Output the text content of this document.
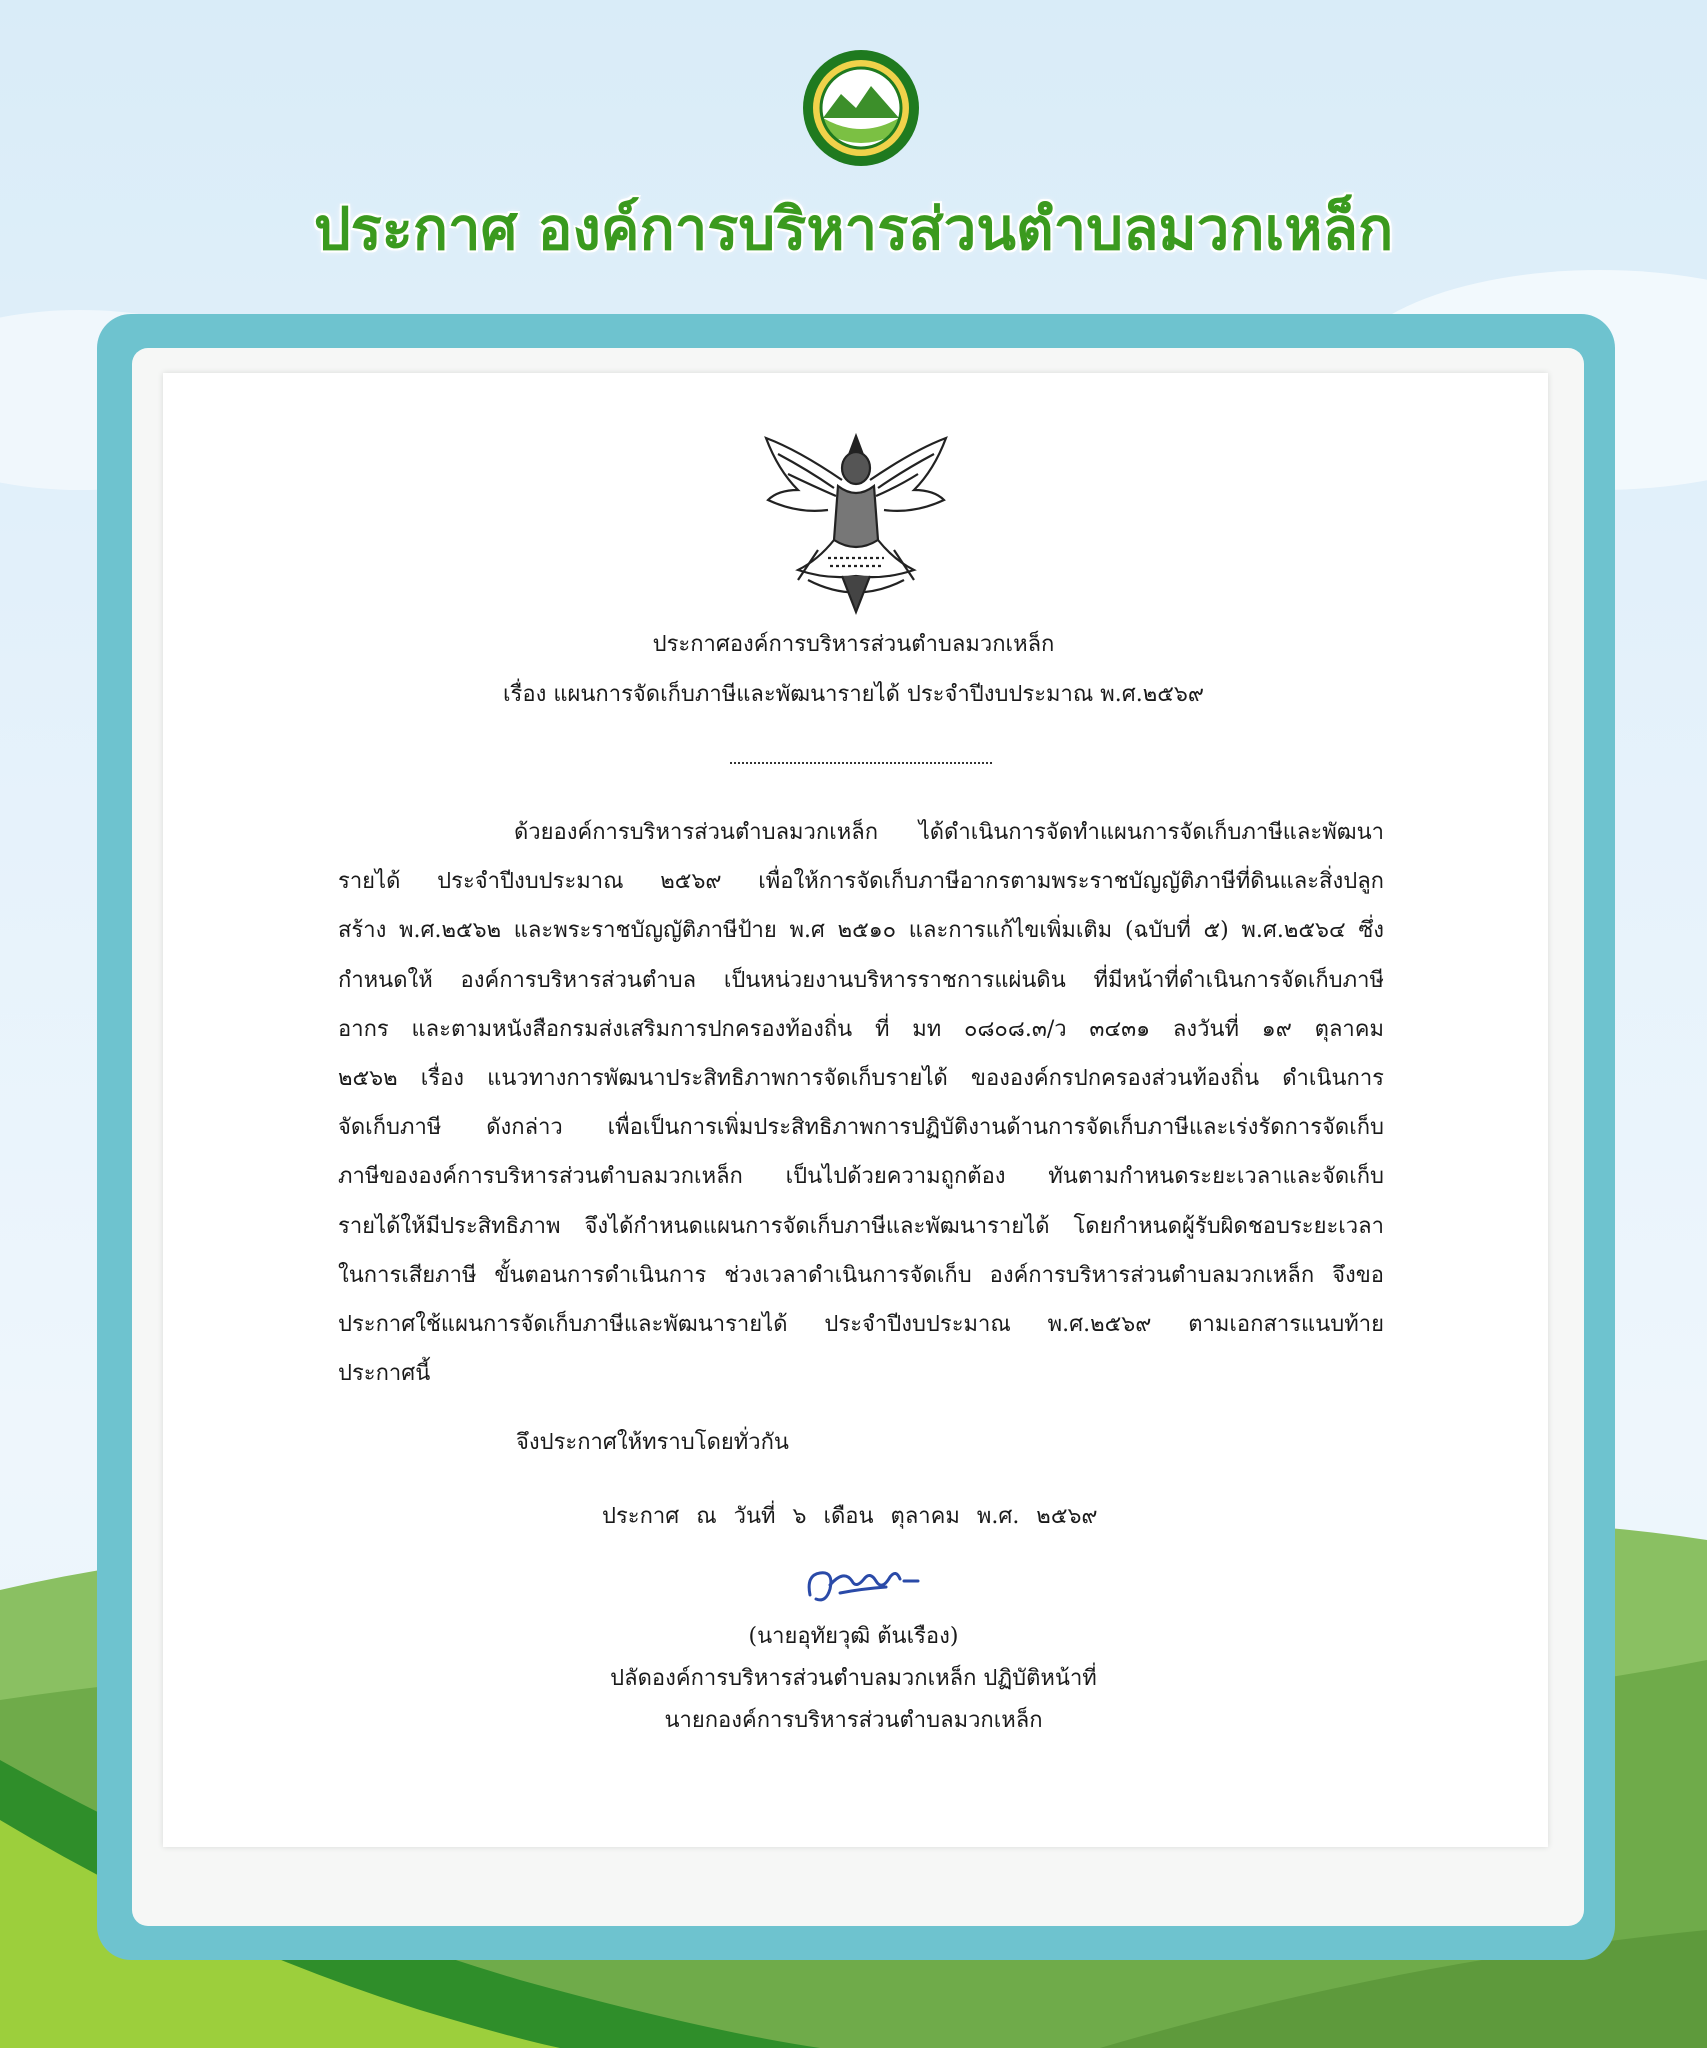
ประกาศ องค์การบริหารส่วนตำบลมวกเหล็ก
ประกาศองค์การบริหารส่วนตำบลมวกเหล็ก
เรื่อง แผนการจัดเก็บภาษีและพัฒนารายได้ ประจำปีงบประมาณ พ.ศ.๒๕๖๙
ด้วยองค์การบริหารส่วนตำบลมวกเหล็ก ได้ดำเนินการจัดทำแผนการจัดเก็บภาษีและพัฒนา
รายได้ ประจำปีงบประมาณ ๒๕๖๙ เพื่อให้การจัดเก็บภาษีอากรตามพระราชบัญญัติภาษีที่ดินและสิ่งปลูก
สร้าง พ.ศ.๒๕๖๒ และพระราชบัญญัติภาษีป้าย พ.ศ ๒๕๑๐ และการแก้ไขเพิ่มเติม (ฉบับที่ ๕) พ.ศ.๒๕๖๔ ซึ่ง
กำหนดให้ องค์การบริหารส่วนตำบล เป็นหน่วยงานบริหารราชการแผ่นดิน ที่มีหน้าที่ดำเนินการจัดเก็บภาษี
อากร และตามหนังสือกรมส่งเสริมการปกครองท้องถิ่น ที่ มท ๐๘๐๘.๓/ว ๓๔๓๑ ลงวันที่ ๑๙ ตุลาคม
๒๕๖๒ เรื่อง แนวทางการพัฒนาประสิทธิภาพการจัดเก็บรายได้ ขององค์กรปกครองส่วนท้องถิ่น ดำเนินการ
จัดเก็บภาษี ดังกล่าว เพื่อเป็นการเพิ่มประสิทธิภาพการปฏิบัติงานด้านการจัดเก็บภาษีและเร่งรัดการจัดเก็บ
ภาษีขององค์การบริหารส่วนตำบลมวกเหล็ก เป็นไปด้วยความถูกต้อง ทันตามกำหนดระยะเวลาและจัดเก็บ
รายได้ให้มีประสิทธิภาพ จึงได้กำหนดแผนการจัดเก็บภาษีและพัฒนารายได้ โดยกำหนดผู้รับผิดชอบระยะเวลา
ในการเสียภาษี ขั้นตอนการดำเนินการ ช่วงเวลาดำเนินการจัดเก็บ องค์การบริหารส่วนตำบลมวกเหล็ก จึงขอ
ประกาศใช้แผนการจัดเก็บภาษีและพัฒนารายได้ ประจำปีงบประมาณ พ.ศ.๒๕๖๙ ตามเอกสารแนบท้าย
ประกาศนี้
จึงประกาศให้ทราบโดยทั่วกัน
ประกาศ ณ วันที่ ๖ เดือน ตุลาคม พ.ศ. ๒๕๖๙
(นายอุทัยวุฒิ ต้นเรือง)
ปลัดองค์การบริหารส่วนตำบลมวกเหล็ก ปฏิบัติหน้าที่
นายกองค์การบริหารส่วนตำบลมวกเหล็ก
